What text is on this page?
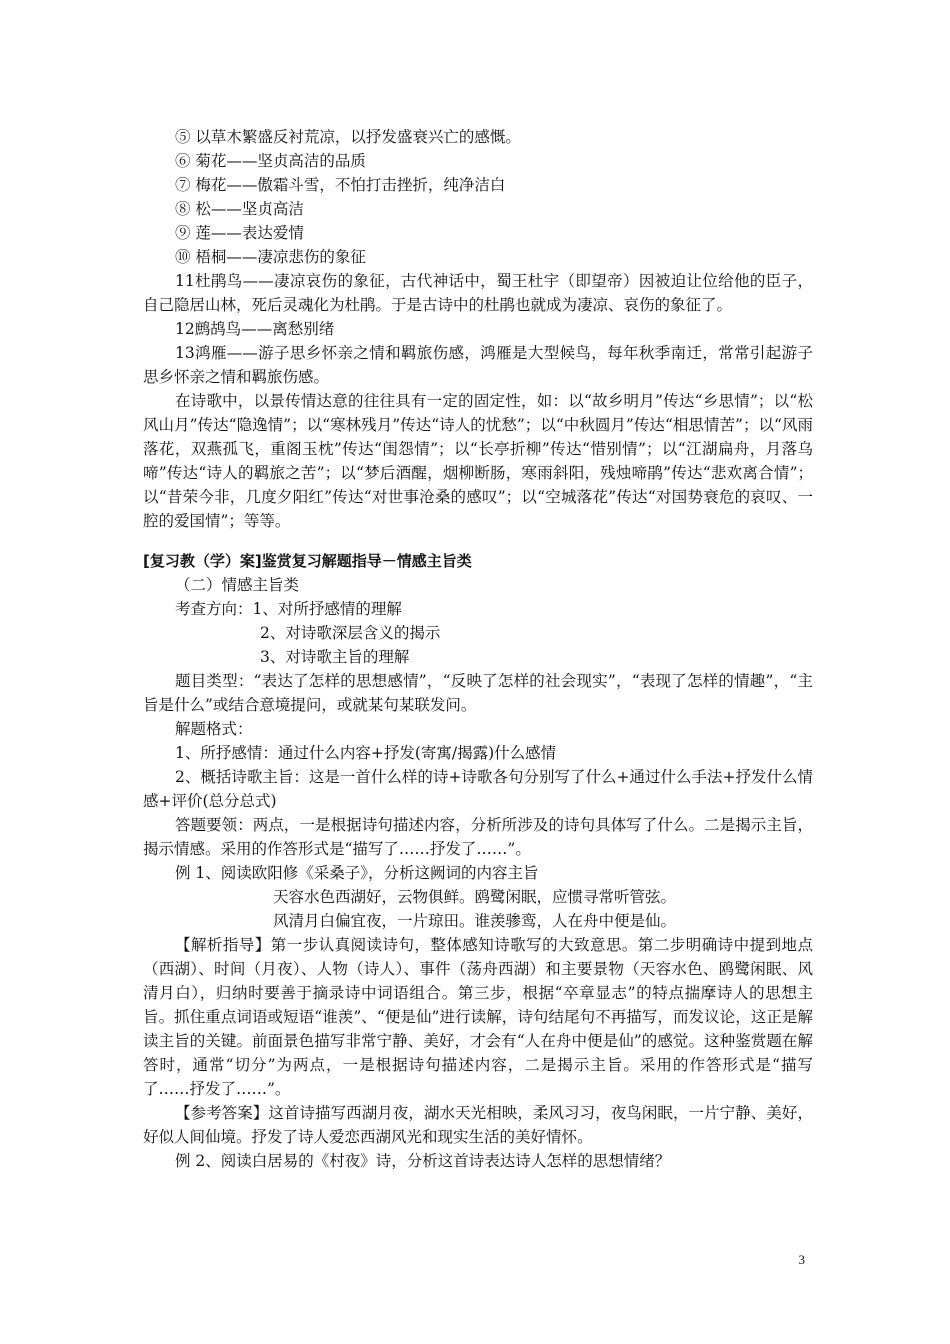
⑤ 以草木繁盛反衬荒凉，以抒发盛衰兴亡的感慨。

⑥ 菊花——坚贞高洁的品质

⑦ 梅花——傲霜斗雪，不怕打击挫折，纯净洁白

⑧ 松——坚贞高洁

⑨ 莲——表达爱情

⑩ 梧桐——凄凉悲伤的象征

11杜鹃鸟——凄凉哀伤的象征，古代神话中，蜀王杜宇（即望帝）因被迫让位给他的臣子，自己隐居山林，死后灵魂化为杜鹃。于是古诗中的杜鹃也就成为凄凉、哀伤的象征了。

12鹧鸪鸟——离愁别绪

13鸿雁——游子思乡怀亲之情和羁旅伤感，鸿雁是大型候鸟，每年秋季南迁，常常引起游子思乡怀亲之情和羁旅伤感。

在诗歌中，以景传情达意的往往具有一定的固定性，如：以“故乡明月”传达“乡思情”；以“松风山月”传达“隐逸情”；以“寒林残月”传达“诗人的忧愁”；以“中秋圆月”传达“相思情苦”；以“风雨落花，双燕孤飞，重阁玉枕”传达“闺怨情”；以“长亭折柳”传达“惜别情”；以“江湖扁舟，月落乌啼”传达“诗人的羁旅之苦”；以“梦后酒醒，烟柳断肠，寒雨斜阳，残烛啼鹃”传达“悲欢离合情”；以“昔荣今非，几度夕阳红”传达“对世事沧桑的感叹”；以“空城落花”传达“对国势衰危的哀叹、一腔的爱国情”；等等。

[复习教（学）案]鉴赏复习解题指导－情感主旨类

（二）情感主旨类

考查方向：1、对所抒感情的理解

2、对诗歌深层含义的揭示

3、对诗歌主旨的理解

题目类型：“表达了怎样的思想感情”，“反映了怎样的社会现实”，“表现了怎样的情趣”，“主旨是什么”或结合意境提问，或就某句某联发问。

解题格式：

1、所抒感情：通过什么内容+抒发(寄寓/揭露)什么感情

2、概括诗歌主旨：这是一首什么样的诗+诗歌各句分别写了什么+通过什么手法+抒发什么情感+评价(总分总式)

答题要领：两点，一是根据诗句描述内容，分析所涉及的诗句具体写了什么。二是揭示主旨，揭示情感。采用的作答形式是“描写了……抒发了……”。

例 1、阅读欧阳修《采桑子》，分析这阙词的内容主旨

天容水色西湖好，云物俱鲜。鸥鹭闲眠，应惯寻常听管弦。

风清月白偏宜夜，一片琼田。谁羡骖鸾，人在舟中便是仙。

【解析指导】第一步认真阅读诗句，整体感知诗歌写的大致意思。第二步明确诗中提到地点（西湖）、时间（月夜）、人物（诗人）、事件（荡舟西湖）和主要景物（天容水色、鸥鹭闲眠、风清月白），归纳时要善于摘录诗中词语组合。第三步，根据“卒章显志”的特点揣摩诗人的思想主旨。抓住重点词语或短语“谁羡”、“便是仙”进行读解，诗句结尾句不再描写，而发议论，这正是解读主旨的关键。前面景色描写非常宁静、美好，才会有“人在舟中便是仙”的感觉。这种鉴赏题在解答时，通常“切分”为两点，一是根据诗句描述内容，二是揭示主旨。采用的作答形式是“描写了……抒发了……”。

【参考答案】这首诗描写西湖月夜，湖水天光相映，柔风习习，夜鸟闲眠，一片宁静、美好，好似人间仙境。抒发了诗人爱恋西湖风光和现实生活的美好情怀。

例 2、阅读白居易的《村夜》诗，分析这首诗表达诗人怎样的思想情绪？

3
